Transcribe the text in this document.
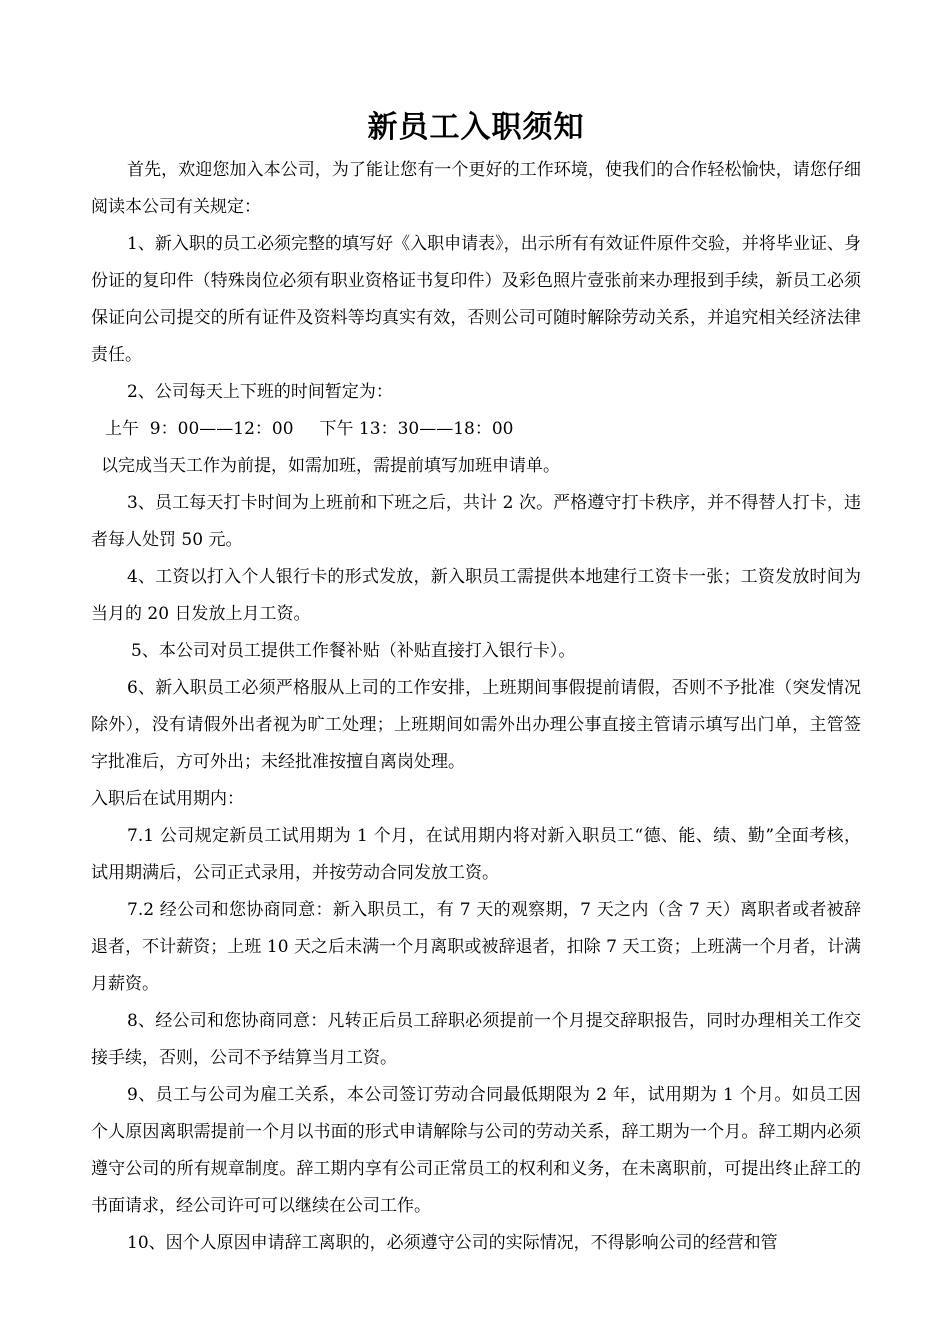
新员工入职须知

首先，欢迎您加入本公司，为了能让您有一个更好的工作环境，使我们的合作轻松愉快，请您仔细阅读本公司有关规定：

1、新入职的员工必须完整的填写好《入职申请表》，出示所有有效证件原件交验，并将毕业证、身份证的复印件（特殊岗位必须有职业资格证书复印件）及彩色照片壹张前来办理报到手续，新员工必须保证向公司提交的所有证件及资料等均真实有效，否则公司可随时解除劳动关系，并追究相关经济法律责任。

2、公司每天上下班的时间暂定为：

上午  9：00——12：00 下午 13：30——18：00

以完成当天工作为前提，如需加班，需提前填写加班申请单。

3、员工每天打卡时间为上班前和下班之后，共计 2 次。严格遵守打卡秩序，并不得替人打卡，违者每人处罚 50 元。

4、工资以打入个人银行卡的形式发放，新入职员工需提供本地建行工资卡一张；工资发放时间为当月的 20 日发放上月工资。

5、本公司对员工提供工作餐补贴（补贴直接打入银行卡）。

6、新入职员工必须严格服从上司的工作安排，上班期间事假提前请假，否则不予批准（突发情况除外），没有请假外出者视为旷工处理；上班期间如需外出办理公事直接主管请示填写出门单，主管签字批准后，方可外出；未经批准按擅自离岗处理。

入职后在试用期内：

7.1 公司规定新员工试用期为 1 个月，在试用期内将对新入职员工“德、能、绩、勤”全面考核，试用期满后，公司正式录用，并按劳动合同发放工资。

7.2 经公司和您协商同意：新入职员工，有 7 天的观察期，7 天之内（含 7 天）离职者或者被辞退者，不计薪资；上班 10 天之后未满一个月离职或被辞退者，扣除 7 天工资；上班满一个月者，计满月薪资。

8、经公司和您协商同意：凡转正后员工辞职必须提前一个月提交辞职报告，同时办理相关工作交接手续，否则，公司不予结算当月工资。

9、员工与公司为雇工关系，本公司签订劳动合同最低期限为 2 年，试用期为 1 个月。如员工因个人原因离职需提前一个月以书面的形式申请解除与公司的劳动关系，辞工期为一个月。辞工期内必须遵守公司的所有规章制度。辞工期内享有公司正常员工的权利和义务，在未离职前，可提出终止辞工的书面请求，经公司许可可以继续在公司工作。

10、因个人原因申请辞工离职的，必须遵守公司的实际情况，不得影响公司的经营和管
